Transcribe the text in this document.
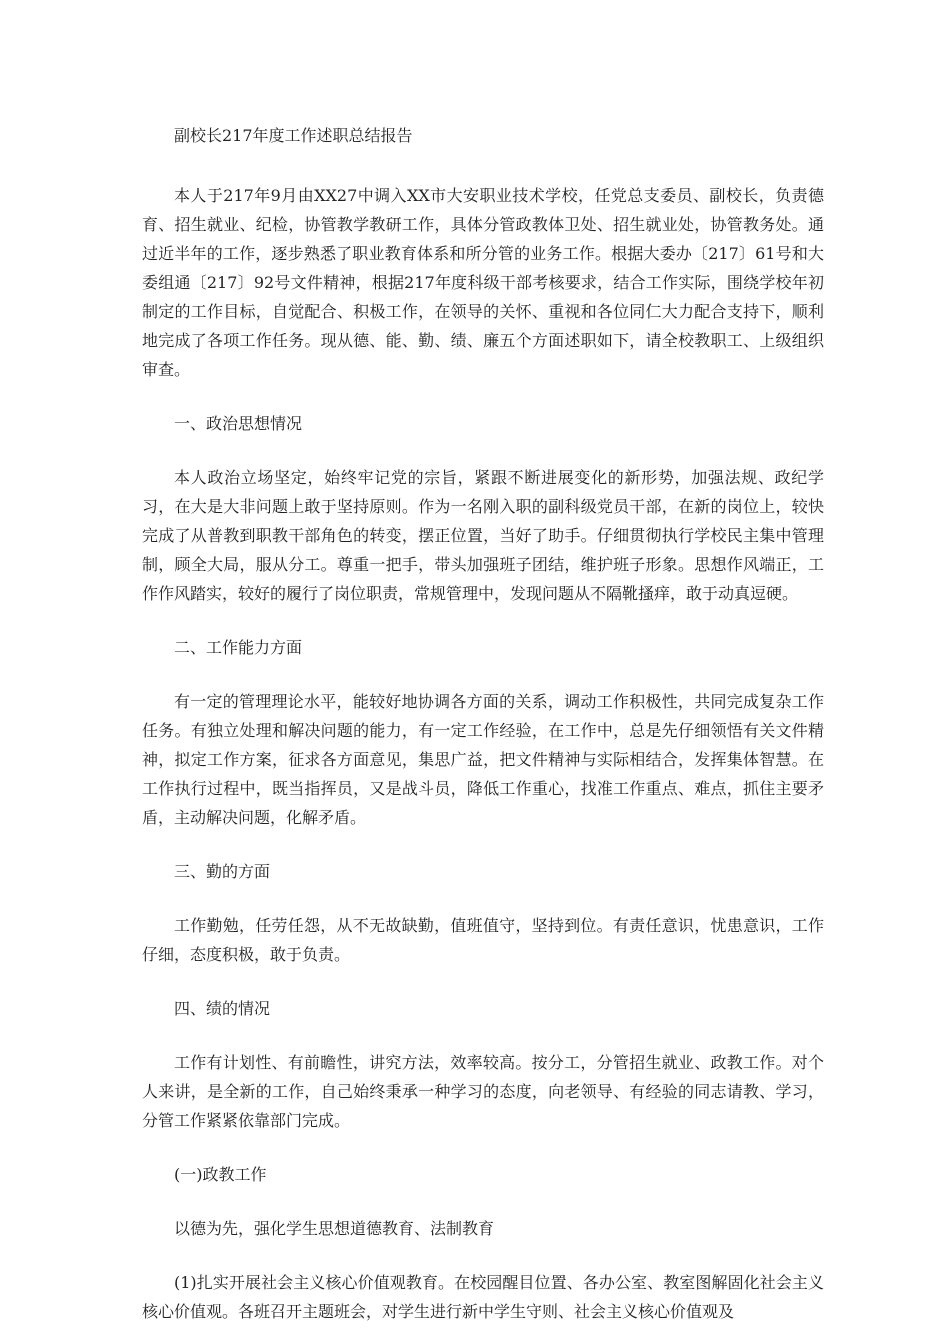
副校长217年度工作述职总结报告

本人于217年9月由XX27中调入XX市大安职业技术学校，任党总支委员、副校长，负责德育、招生就业、纪检，协管教学教研工作，具体分管政教体卫处、招生就业处，协管教务处。通过近半年的工作，逐步熟悉了职业教育体系和所分管的业务工作。根据大委办〔217〕61号和大委组通〔217〕92号文件精神，根据217年度科级干部考核要求，结合工作实际，围绕学校年初制定的工作目标，自觉配合、积极工作，在领导的关怀、重视和各位同仁大力配合支持下，顺利地完成了各项工作任务。现从德、能、勤、绩、廉五个方面述职如下，请全校教职工、上级组织审查。

一、政治思想情况

本人政治立场坚定，始终牢记党的宗旨，紧跟不断进展变化的新形势，加强法规、政纪学习，在大是大非问题上敢于坚持原则。作为一名刚入职的副科级党员干部，在新的岗位上，较快完成了从普教到职教干部角色的转变，摆正位置，当好了助手。仔细贯彻执行学校民主集中管理制，顾全大局，服从分工。尊重一把手，带头加强班子团结，维护班子形象。思想作风端正，工作作风踏实，较好的履行了岗位职责，常规管理中，发现问题从不隔靴搔痒，敢于动真逗硬。

二、工作能力方面

有一定的管理理论水平，能较好地协调各方面的关系，调动工作积极性，共同完成复杂工作任务。有独立处理和解决问题的能力，有一定工作经验，在工作中，总是先仔细领悟有关文件精神，拟定工作方案，征求各方面意见，集思广益，把文件精神与实际相结合，发挥集体智慧。在工作执行过程中，既当指挥员，又是战斗员，降低工作重心，找准工作重点、难点，抓住主要矛盾，主动解决问题，化解矛盾。

三、勤的方面

工作勤勉，任劳任怨，从不无故缺勤，值班值守，坚持到位。有责任意识，忧患意识，工作仔细，态度积极，敢于负责。

四、绩的情况

工作有计划性、有前瞻性，讲究方法，效率较高。按分工，分管招生就业、政教工作。对个人来讲，是全新的工作，自己始终秉承一种学习的态度，向老领导、有经验的同志请教、学习，分管工作紧紧依靠部门完成。

(一)政教工作
以德为先，强化学生思想道德教育、法制教育

(1)扎实开展社会主义核心价值观教育。在校园醒目位置、各办公室、教室图解固化社会主义核心价值观。各班召开主题班会，对学生进行新中学生守则、社会主义核心价值观及
